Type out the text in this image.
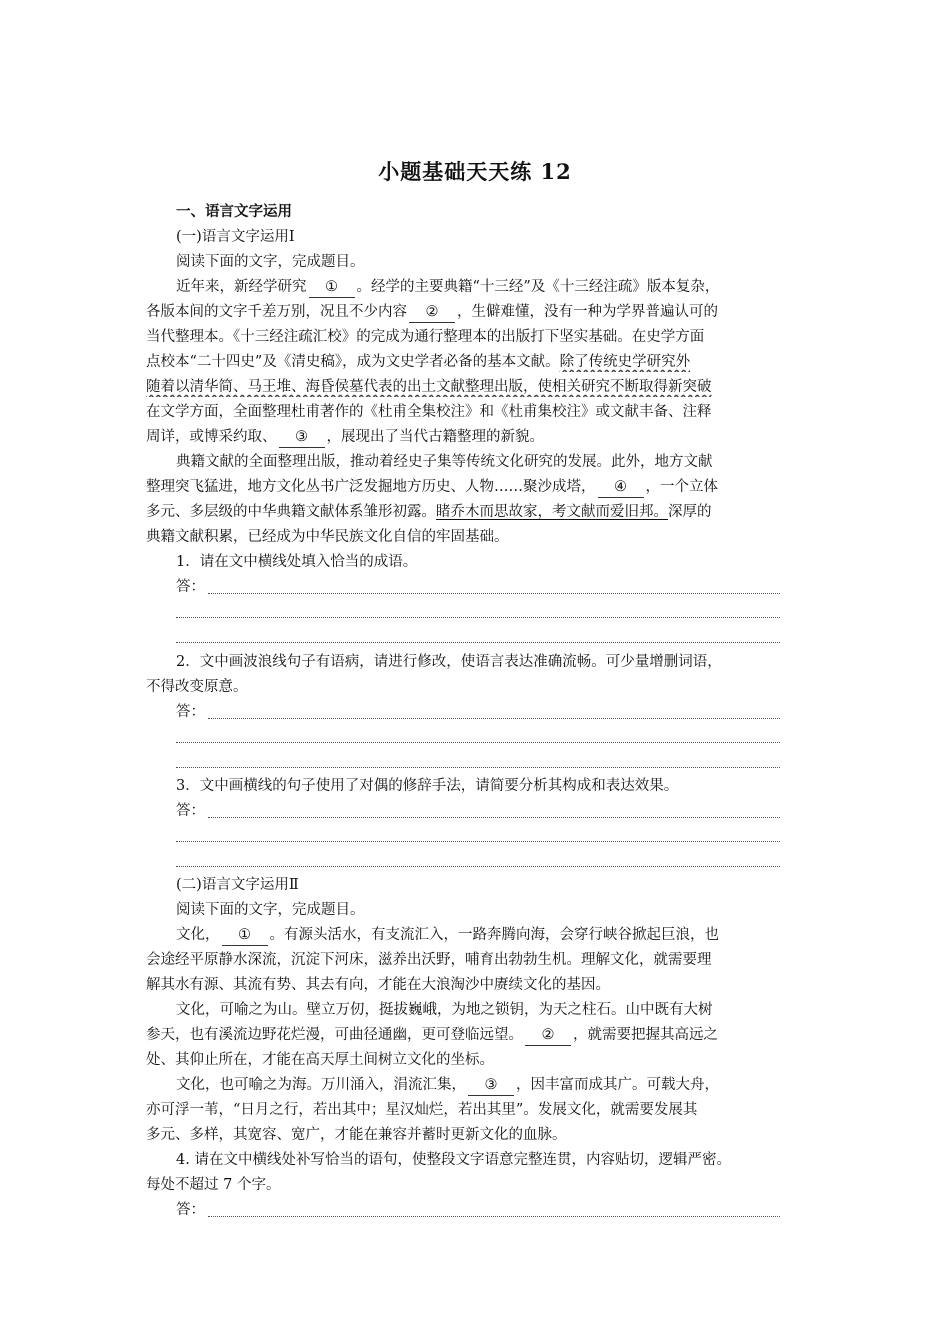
小题基础天天练 12
一、语言文字运用
(一)语言文字运用Ⅰ
阅读下面的文字，完成题目。
近年来，新经学研究 ① 。经学的主要典籍“十三经”及《十三经注疏》版本复杂，
各版本间的文字千差万别，况且不少内容 ② ，生僻难懂，没有一种为学界普遍认可的
当代整理本。《十三经注疏汇校》的完成为通行整理本的出版打下坚实基础。在史学方面
点校本“二十四史”及《清史稿》，成为文史学者必备的基本文献。除了传统史学研究外
随着以清华简、马王堆、海昏侯墓代表的出土文献整理出版，使相关研究不断取得新突破
在文学方面，全面整理杜甫著作的《杜甫全集校注》和《杜甫集校注》或文献丰备、注释
周详，或博采约取、 ③ ，展现出了当代古籍整理的新貌。
典籍文献的全面整理出版，推动着经史子集等传统文化研究的发展。此外，地方文献
整理突飞猛进，地方文化丛书广泛发掘地方历史、人物……聚沙成塔， ④ ，一个立体
多元、多层级的中华典籍文献体系雏形初露。睹乔木而思故家，考文献而爱旧邦。深厚的
典籍文献积累，已经成为中华民族文化自信的牢固基础。
1．请在文中横线处填入恰当的成语。
答：
2．文中画波浪线句子有语病，请进行修改，使语言表达准确流畅。可少量增删词语，
不得改变原意。
答：
3．文中画横线的句子使用了对偶的修辞手法，请简要分析其构成和表达效果。
答：
(二)语言文字运用Ⅱ
阅读下面的文字，完成题目。
文化， ① 。有源头活水，有支流汇入，一路奔腾向海，会穿行峡谷掀起巨浪，也
会途经平原静水深流，沉淀下河床，滋养出沃野，哺育出勃勃生机。理解文化，就需要理
解其水有源、其流有势、其去有向，才能在大浪淘沙中赓续文化的基因。
文化，可喻之为山。壁立万仞，挺拔巍峨，为地之锁钥，为天之柱石。山中既有大树
参天，也有溪流边野花烂漫，可曲径通幽，更可登临远望。 ② ，就需要把握其高远之
处、其仰止所在，才能在高天厚土间树立文化的坐标。
文化，也可喻之为海。万川涌入，涓流汇集， ③ ，因丰富而成其广。可载大舟，
亦可浮一苇，“日月之行，若出其中；星汉灿烂，若出其里”。发展文化，就需要发展其
多元、多样，其宽容、宽广，才能在兼容并蓄时更新文化的血脉。
4. 请在文中横线处补写恰当的语句，使整段文字语意完整连贯，内容贴切，逻辑严密。
每处不超过 7 个字。
答：
